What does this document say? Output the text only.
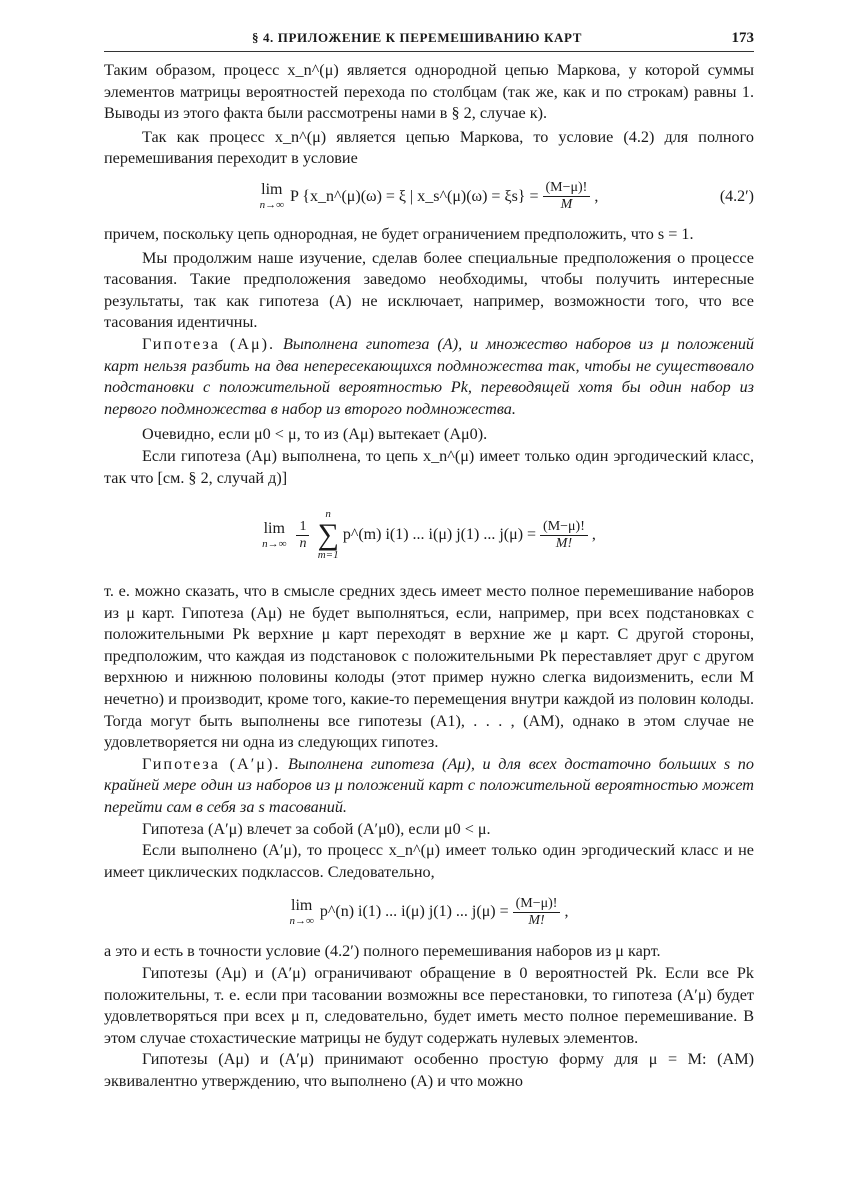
§ 4. ПРИЛОЖЕНИЕ К ПЕРЕМЕШИВАНИЮ КАРТ	173

Таким образом, процесс x_n^(μ) является однородной цепью Маркова, у которой суммы элементов матрицы вероятностей перехода по столбцам (так же, как и по строкам) равны 1. Выводы из этого факта были рассмотрены нами в § 2, случае к).

Так как процесс x_n^(μ) является цепью Маркова, то условие (4.2) для полного перемешивания переходит в условие

lim
n→∞
P {x_n^(μ)(ω) = ξ | x_s^(μ)(ω) = $\xi s\} = \frac{(M-\mu)!}{M}$ ,	(4.2′)

причем, поскольку цепь однородная, не будет ограничением предположить, что s = 1.

Мы продолжим наше изучение, сделав более специальные предположения о процессе тасования. Такие предположения заведомо необходимы, чтобы получить интересные результаты, так как гипотеза (А) не исключает, например, возможности того, что все тасования идентичны.

Гипотеза (Aμ). Выполнена гипотеза (А), и множество наборов из μ положений карт нельзя разбить на два непересекающихся подмножества так, чтобы не существовало подстановки с положительной вероятностью Pk, переводящей хотя бы один набор из первого подмножества в набор из второго подмножества.

Очевидно, если μ0 < μ, то из (Aμ) вытекает (Aμ0).

Если гипотеза (Aμ) выполнена, то цепь x_n^(μ) имеет только один эргодический класс, так что [см. § 2, случай д)]

lim
$n\to\infty \frac{1}{n}$
n
∑
m=1
p^(m) i(1) ... i(μ) j(1) ... $j(\mu) = \frac{(M-\mu)!}{M!}$ ,

т. е. можно сказать, что в смысле средних здесь имеет место полное перемешивание наборов из μ карт. Гипотеза (Aμ) не будет выполняться, если, например, при всех подстановках с положительными Pk верхние μ карт переходят в верхние же μ карт. С другой стороны, предположим, что каждая из подстановок с положительными Pk переставляет друг с другом верхнюю и нижнюю половины колоды (этот пример нужно слегка видоизменить, если M нечетно) и производит, кроме того, какие-то перемещения внутри каждой из половин колоды. Тогда могут быть выполнены все гипотезы (A1), . . . , (AM), однако в этом случае не удовлетворяется ни одна из следующих гипотез.

Гипотеза (A′μ). Выполнена гипотеза (Aμ), и для всех достаточно больших s по крайней мере один из наборов из μ положений карт с положительной вероятностью может перейти сам в себя за s тасований.

Гипотеза (A′μ) влечет за собой (A′μ0), если μ0 < μ.

Если выполнено (A′μ), то процесс x_n^(μ) имеет только один эргодический класс и не имеет циклических подклассов. Следовательно,

lim
n→∞
p^(n) i(1) ... i(μ) j(1) ... $j(\mu) = \frac{(M-\mu)!}{M!}$ ,

а это и есть в точности условие (4.2′) полного перемешивания наборов из μ карт.

Гипотезы (Aμ) и (A′μ) ограничивают обращение в 0 вероятностей Pk. Если все Pk положительны, т. е. если при тасовании возможны все перестановки, то гипотеза (A′μ) будет удовлетворяться при всех μ п, следовательно, будет иметь место полное перемешивание. В этом случае стохастические матрицы не будут содержать нулевых элементов.

Гипотезы (Aμ) и (A′μ) принимают особенно простую форму для μ = M: (AM) эквивалентно утверждению, что выполнено (А) и что можно
